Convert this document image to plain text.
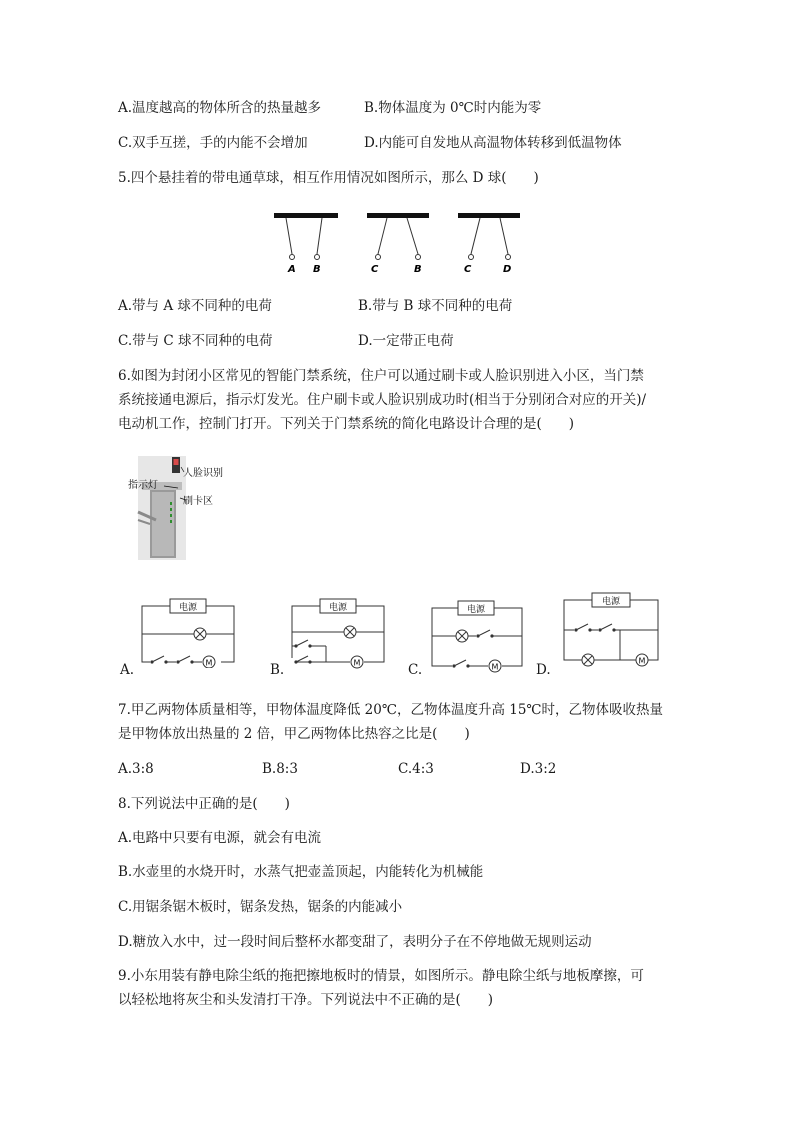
A.温度越高的物体所含的热量越多	B.物体温度为 0℃时内能为零
C.双手互搓，手的内能不会增加	D.内能可自发地从高温物体转移到低温物体
5.四个悬挂着的带电通草球，相互作用情况如图所示，那么 D 球(　　)
A B	C	B	C	D
A.带与 A 球不同种的电荷	B.带与 B 球不同种的电荷
C.带与 C 球不同种的电荷	D.一定带正电荷
6.如图为封闭小区常见的智能门禁系统，住户可以通过刷卡或人脸识别进入小区，当门禁
系统接通电源后，指示灯发光。住户刷卡或人脸识别成功时(相当于分别闭合对应的开关)/
电动机工作，控制门打开。下列关于门禁系统的简化电路设计合理的是(　　)
人脸识别
指示灯
刷卡区
电源
M
A.
电源
M
B.
电源
M
C.
电源
M
D.
7.甲乙两物体质量相等，甲物体温度降低 20℃，乙物体温度升高 15℃时，乙物体吸收热量
是甲物体放出热量的 2 倍，甲乙两物体比热容之比是(　　)
A.3:8	B.8:3	C.4:3	D.3:2
8.下列说法中正确的是(　　)
A.电路中只要有电源，就会有电流
B.水壶里的水烧开时，水蒸气把壶盖顶起，内能转化为机械能
C.用锯条锯木板时，锯条发热，锯条的内能减小
D.糖放入水中，过一段时间后整杯水都变甜了，表明分子在不停地做无规则运动
9.小东用装有静电除尘纸的拖把擦地板时的情景，如图所示。静电除尘纸与地板摩擦，可
以轻松地将灰尘和头发清打干净。下列说法中不正确的是(　　)
